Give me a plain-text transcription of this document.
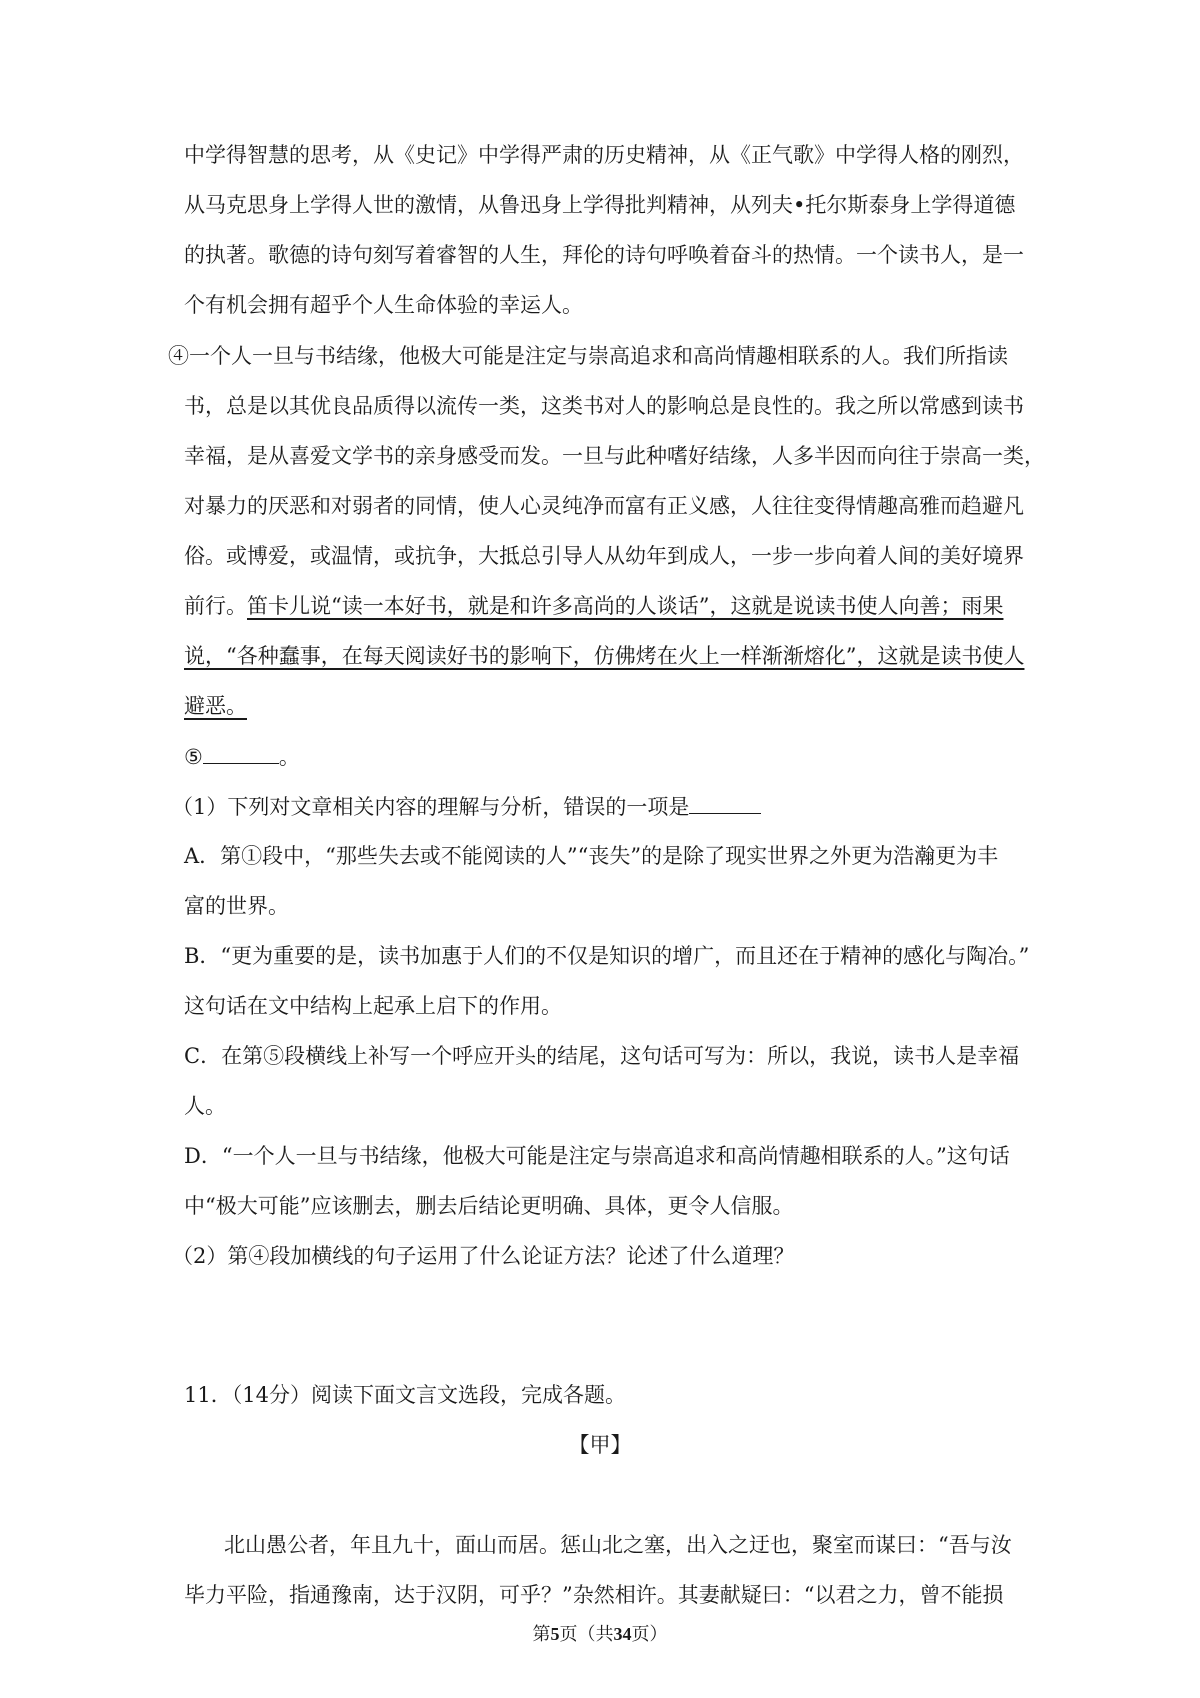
中学得智慧的思考，从《史记》中学得严肃的历史精神，从《正气歌》中学得人格的刚烈，
从马克思身上学得人世的激情，从鲁迅身上学得批判精神，从列夫•托尔斯泰身上学得道德
的执著。歌德的诗句刻写着睿智的人生，拜伦的诗句呼唤着奋斗的热情。一个读书人，是一
个有机会拥有超乎个人生命体验的幸运人。
④一个人一旦与书结缘，他极大可能是注定与崇高追求和高尚情趣相联系的人。我们所指读
书，总是以其优良品质得以流传一类，这类书对人的影响总是良性的。我之所以常感到读书
幸福，是从喜爱文学书的亲身感受而发。一旦与此种嗜好结缘，人多半因而向往于崇高一类，
对暴力的厌恶和对弱者的同情，使人心灵纯净而富有正义感，人往往变得情趣高雅而趋避凡
俗。或博爱，或温情，或抗争，大抵总引导人从幼年到成人，一步一步向着人间的美好境界
前行。笛卡儿说“读一本好书，就是和许多高尚的人谈话”，这就是说读书使人向善；雨果
说，“各种蠢事，在每天阅读好书的影响下，仿佛烤在火上一样渐渐熔化”，这就是读书使人
避恶。
⑤	。
（1）下列对文章相关内容的理解与分析，错误的一项是
A．第①段中，“那些失去或不能阅读的人”“丧失”的是除了现实世界之外更为浩瀚更为丰
富的世界。
B．“更为重要的是，读书加惠于人们的不仅是知识的增广，而且还在于精神的感化与陶冶。”
这句话在文中结构上起承上启下的作用。
C．在第⑤段横线上补写一个呼应开头的结尾，这句话可写为：所以，我说，读书人是幸福
人。
D．“一个人一旦与书结缘，他极大可能是注定与崇高追求和高尚情趣相联系的人。”这句话
中“极大可能”应该删去，删去后结论更明确、具体，更令人信服。
（2）第④段加横线的句子运用了什么论证方法？论述了什么道理？
11．（14分）阅读下面文言文选段，完成各题。
【甲】
北山愚公者，年且九十，面山而居。惩山北之塞，出入之迂也，聚室而谋曰：“吾与汝
毕力平险，指通豫南，达于汉阴，可乎？”杂然相许。其妻献疑曰：“以君之力，曾不能损
第5页（共34页）
